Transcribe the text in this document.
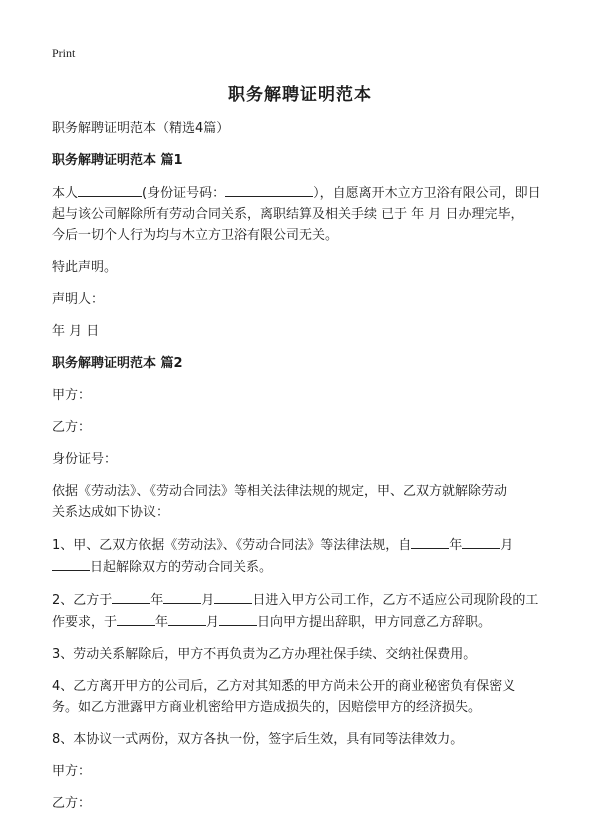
Print
职务解聘证明范本

职务解聘证明范本（精选4篇）

职务解聘证明范本 篇1

本人	(身份证号码：	），自愿离开木立方卫浴有限公司，即日

起与该公司解除所有劳动合同关系，离职结算及相关手续 已于 年 月 日办理完毕，

今后一切个人行为均与木立方卫浴有限公司无关。

特此声明。

声明人：

年 月 日

职务解聘证明范本 篇2

甲方：

乙方：

身份证号：

依据《劳动法》、《劳动合同法》等相关法律法规的规定，甲、乙双方就解除劳动

关系达成如下协议：

1、甲、乙双方依据《劳动法》、《劳动合同法》等法律法规，自	年	月

日起解除双方的劳动合同关系。

2、乙方于	年	月	日进入甲方公司工作，乙方不适应公司现阶段的工

作要求，于	年	月	日向甲方提出辞职，甲方同意乙方辞职。

3、劳动关系解除后，甲方不再负责为乙方办理社保手续、交纳社保费用。

4、乙方离开甲方的公司后，乙方对其知悉的甲方尚未公开的商业秘密负有保密义

务。如乙方泄露甲方商业机密给甲方造成损失的，因赔偿甲方的经济损失。

8、本协议一式两份，双方各执一份，签字后生效，具有同等法律效力。

甲方：

乙方：
